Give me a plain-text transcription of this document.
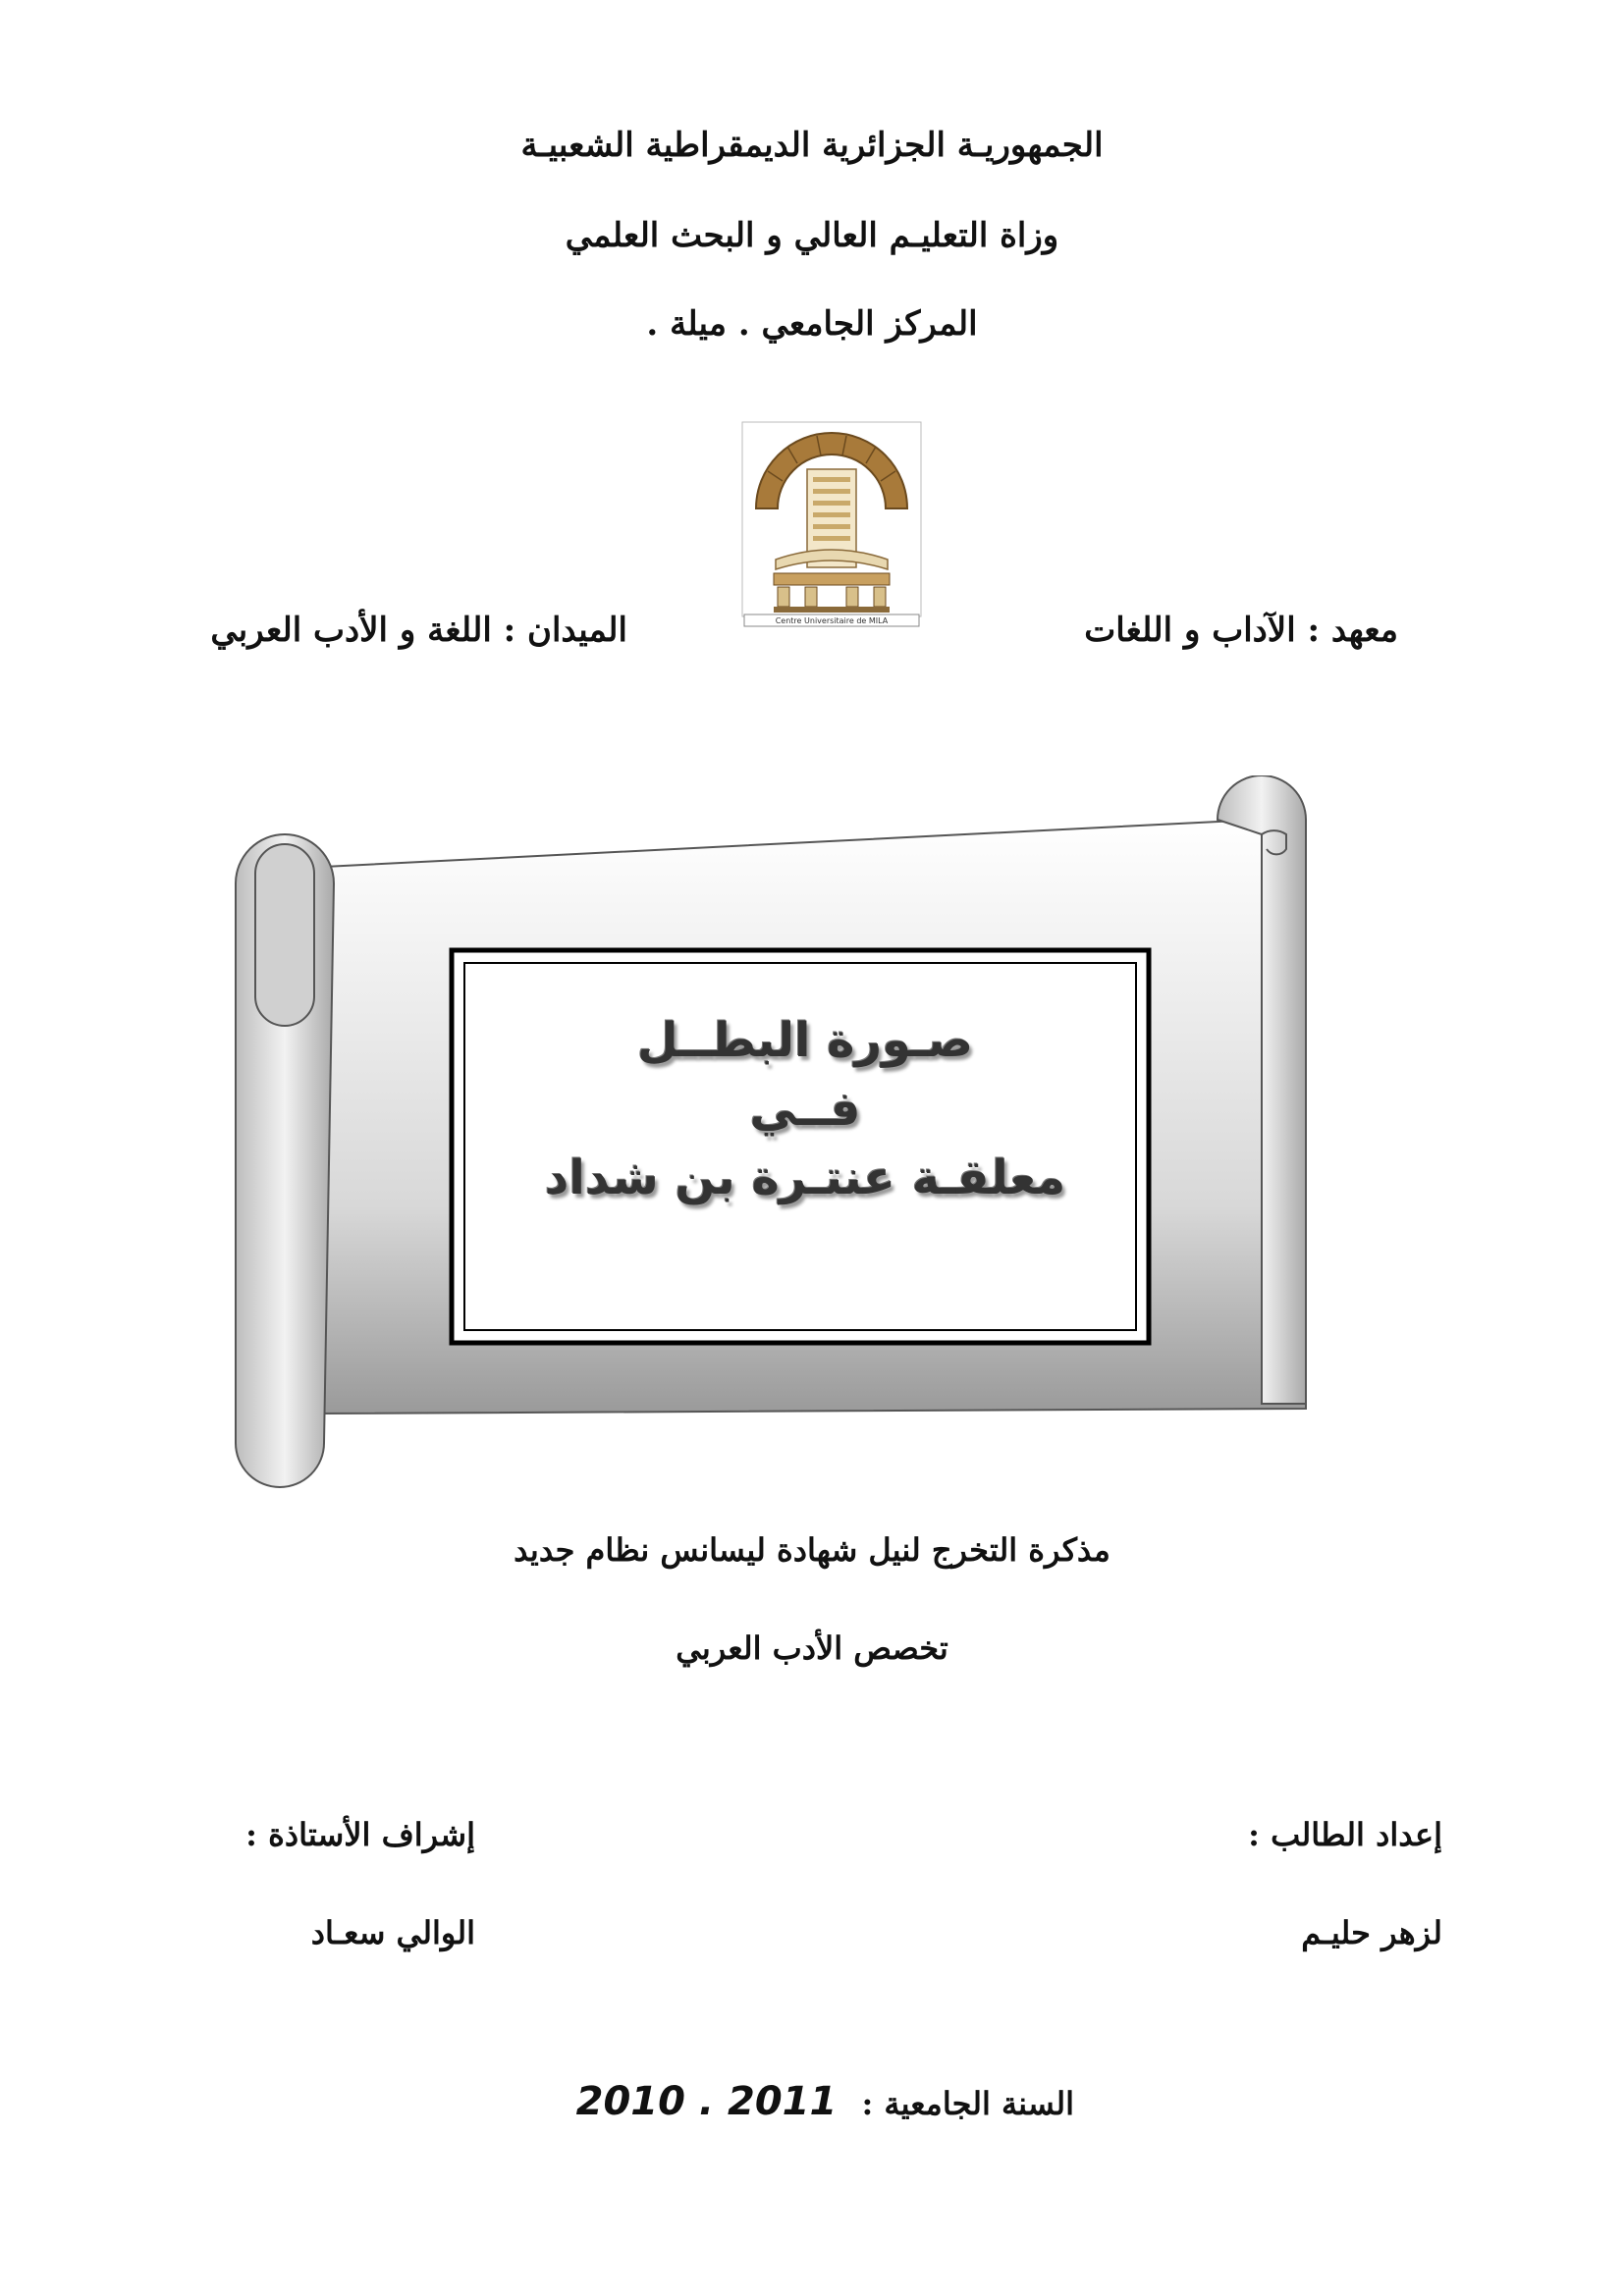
الجمهوريـة الجزائرية الديمقراطية الشعبيـة
وزاة التعليـم العالي و البحث العلمي
المركز الجامعي . ميلة .
Centre Universitaire de MILA	معهد : الآداب و اللغات
الميدان : اللغة و الأدب العربي
صـورة البطــل
فــي
معلقـة عنتـرة بن شداد
مذكرة التخرج لنيل شهادة ليسانس نظام جديد
تخصص الأدب العربي
إعداد الطالب :
إشراف الأستاذة :
لزهر حليـم
الوالي سعـاد
السنة الجامعية : 2010 . 2011
